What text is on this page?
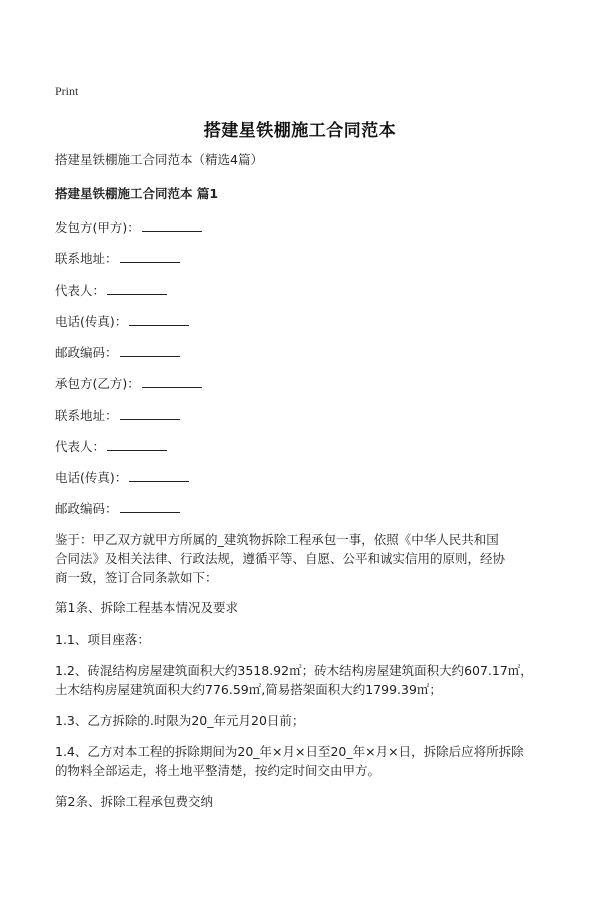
Print
搭建星铁棚施工合同范本
搭建星铁棚施工合同范本（精选4篇）
搭建星铁棚施工合同范本 篇1
发包方(甲方)：
联系地址：
代表人：
电话(传真)：
邮政编码：
承包方(乙方)：
联系地址：
代表人：
电话(传真)：
邮政编码：
鉴于：甲乙双方就甲方所属的_建筑物拆除工程承包一事，依照《中华人民共和国
合同法》及相关法律、行政法规，遵循平等、自愿、公平和诚实信用的原则，经协
商一致，签订合同条款如下：
第1条、拆除工程基本情况及要求
1.1、项目座落：
1.2、砖混结构房屋建筑面积大约3518.92㎡；砖木结构房屋建筑面积大约607.17㎡，
土木结构房屋建筑面积大约776.59㎡,简易搭架面积大约1799.39㎡；
1.3、乙方拆除的.时限为20_年元月20日前；
1.4、乙方对本工程的拆除期间为20_年×月×日至20_年×月×日，拆除后应将所拆除
的物料全部运走，将土地平整清楚，按约定时间交由甲方。
第2条、拆除工程承包费交纳
